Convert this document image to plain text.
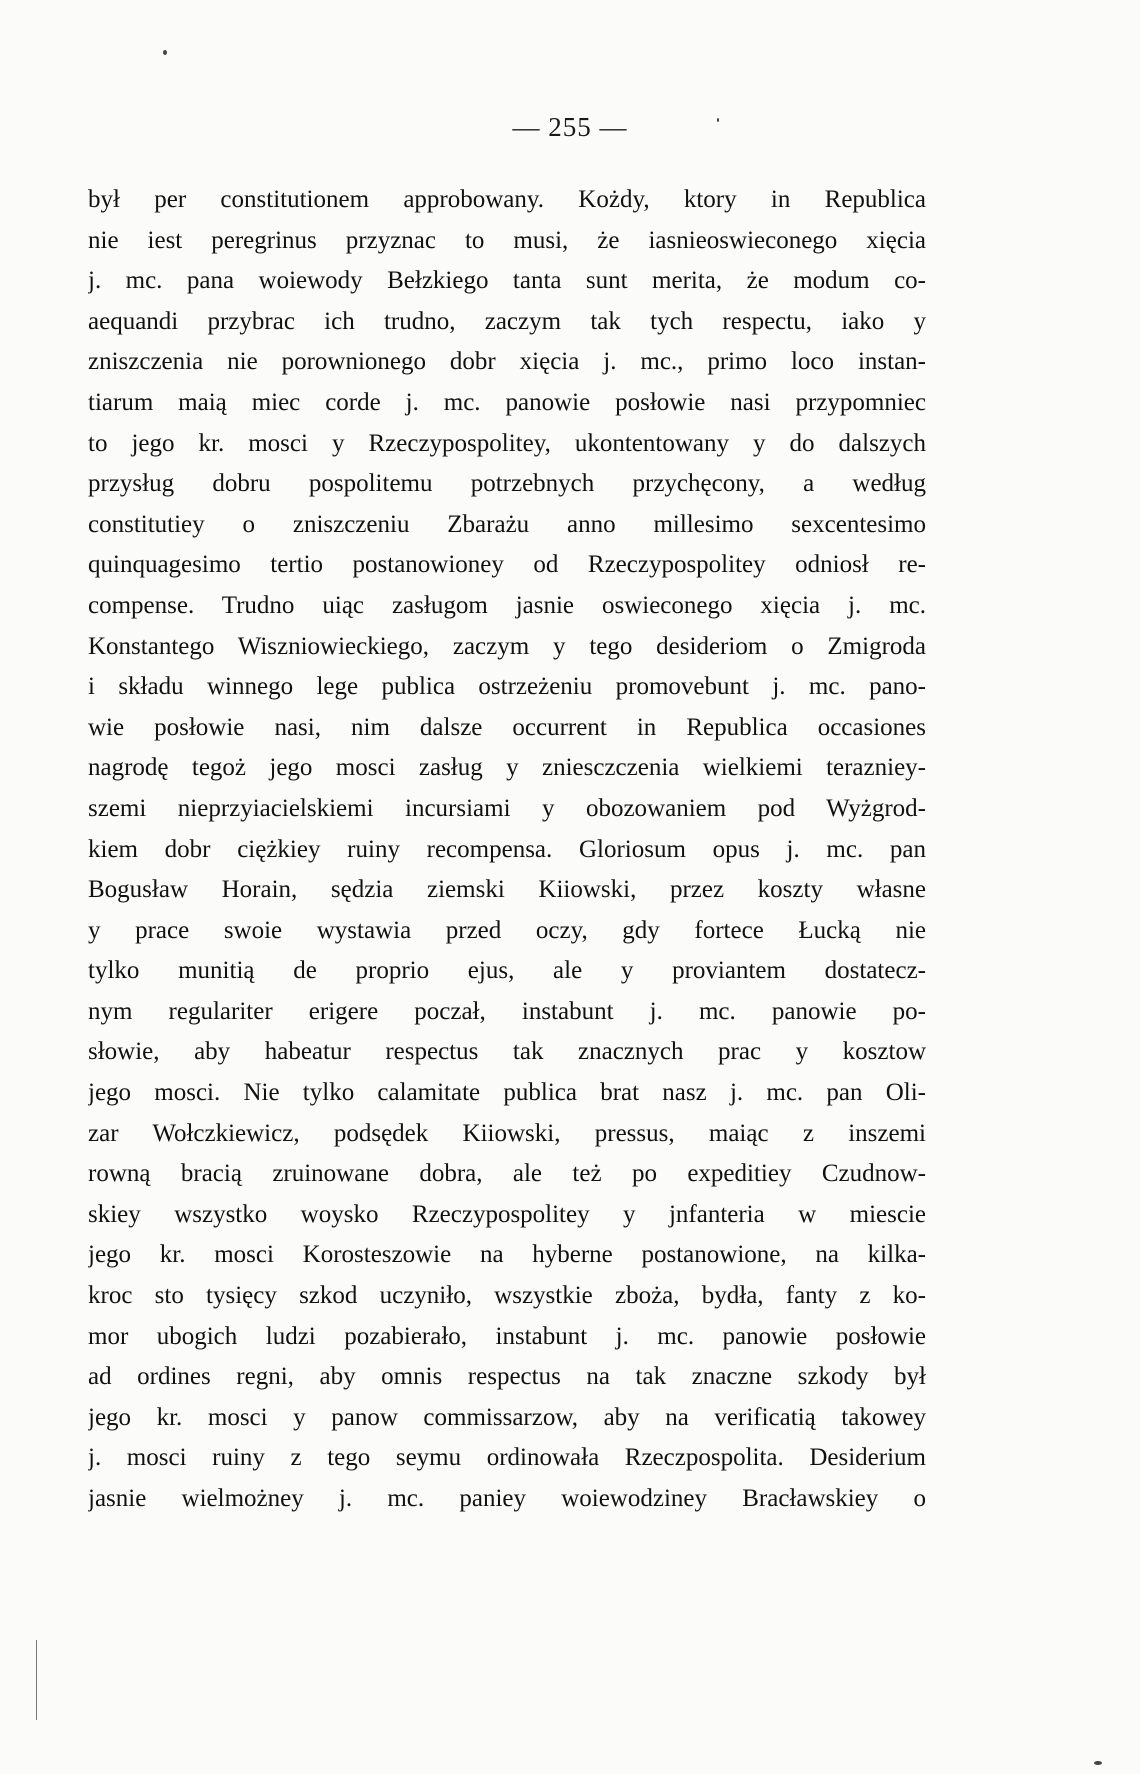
— 255 —
był per constitutionem approbowany. Kożdy, ktory in Republica
nie iest peregrinus przyznac to musi, że iasnieoswieconego xięcia
j. mc. pana woiewody Bełzkiego tanta sunt merita, że modum co-
aequandi przybrac ich trudno, zaczym tak tych respectu, iako y
zniszczenia nie porownionego dobr xięcia j. mc., primo loco instan-
tiarum maią miec corde j. mc. panowie posłowie nasi przypomniec
to jego kr. mosci y Rzeczypospolitey, ukontentowany y do dalszych
przysług dobru pospolitemu potrzebnych przychęcony, a według
constitutiey o zniszczeniu Zbarażu anno millesimo sexcentesimo
quinquagesimo tertio postanowioney od Rzeczypospolitey odniosł re-
compense. Trudno uiąc zasługom jasnie oswieconego xięcia j. mc.
Konstantego Wiszniowieckiego, zaczym y tego desideriom o Zmigroda
i składu winnego lege publica ostrzeżeniu promovebunt j. mc. pano-
wie posłowie nasi, nim dalsze occurrent in Republica occasiones
nagrodę tegoż jego mosci zasług y zniesczczenia wielkiemi terazniey-
szemi nieprzyiacielskiemi incursiami y obozowaniem pod Wyżgrod-
kiem dobr ciężkiey ruiny recompensa. Gloriosum opus j. mc. pan
Bogusław Horain, sędzia ziemski Kiiowski, przez koszty własne
y prace swoie wystawia przed oczy, gdy fortece Łucką nie
tylko munitią de proprio ejus, ale y proviantem dostatecz-
nym regulariter erigere poczał, instabunt j. mc. panowie po-
słowie, aby habeatur respectus tak znacznych prac y kosztow
jego mosci. Nie tylko calamitate publica brat nasz j. mc. pan Oli-
zar Wołczkiewicz, podsędek Kiiowski, pressus, maiąc z inszemi
rowną bracią zruinowane dobra, ale też po expeditiey Czudnow-
skiey wszystko woysko Rzeczypospolitey y jnfanteria w miescie
jego kr. mosci Korosteszowie na hyberne postanowione, na kilka-
kroc sto tysięcy szkod uczyniło, wszystkie zboża, bydła, fanty z ko-
mor ubogich ludzi pozabierało, instabunt j. mc. panowie posłowie
ad ordines regni, aby omnis respectus na tak znaczne szkody był
jego kr. mosci y panow commissarzow, aby na verificatią takowey
j. mosci ruiny z tego seymu ordinowała Rzeczpospolita. Desiderium
jasnie wielmożney j. mc. paniey woiewodziney Bracławskiey o
